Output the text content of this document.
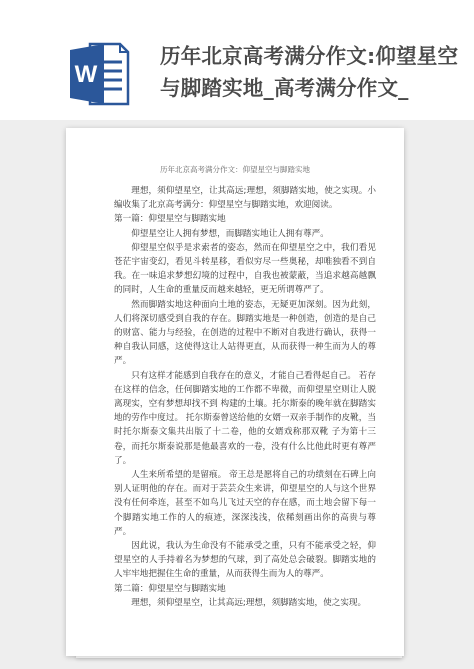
W
历年北京高考满分作文:仰望星空与脚踏实地_高考满分作文_
历年北京高考满分作文：仰望星空与脚踏实地

理想，须仰望星空，让其高远;理想，须脚踏实地，使之实现。小编收集了北京高考满分：仰望星空与脚踏实地，欢迎阅读。

第一篇：仰望星空与脚踏实地

仰望星空让人拥有梦想，而脚踏实地让人拥有尊严。

仰望星空似乎是求索者的姿态，然而在仰望星空之中，我们看见苍茫宇宙变幻，看见斗转星移，看似穷尽一些奥秘，却唯独看不到自我。在一味追求梦想幻境的过程中，自我也被蒙蔽，当追求越高越飘的同时，人生命的重量反而越来越轻，更无所谓尊严了。

然而脚踏实地这种面向土地的姿态，无疑更加深刻。因为此刻，人们将深切感受到自我的存在。脚踏实地是一种创造，创造的是自己的财富、能力与经验，在创造的过程中不断对自我进行确认，获得一种自我认同感，这使得这让人站得更直，从而获得一种生而为人的尊严。

只有这样才能感到自我存在的意义，才能自己看得起自己。 若存在这样的信念，任何脚踏实地的工作都不卑微，而仰望星空则让人脱离现实，空有梦想却找不到 构建的土壤。托尔斯泰的晚年就在脚踏实地的劳作中度过。 托尔斯泰曾送给他的女婿一双亲手制作的皮靴，当时托尔斯泰文集共出版了十二卷，他的女婿戏称那双靴 子为第十三卷，而托尔斯泰说那是他最喜欢的一卷，没有什么比他此时更有尊严了。

人生来所希望的是留痕。 帝王总是愿将自己的功绩刻在石碑上向别人证明他的存在。而对于芸芸众生来讲，仰望星空的人与这个世界没有任何牵连，甚至不如鸟儿飞过天空的存在感，而土地会留下每一个脚踏实地工作的人的痕迹，深深浅浅，依稀刻画出你的高贵与尊严。

因此说，我认为生命没有不能承受之重，只有不能承受之轻，仰望星空的人手持着名为梦想的气球，到了高处总会破裂。脚踏实地的人牢牢地把握住生命的重量，从而获得生而为人的尊严。

第二篇：仰望星空与脚踏实地

理想，须仰望星空，让其高远;理想，须脚踏实地，使之实现。
